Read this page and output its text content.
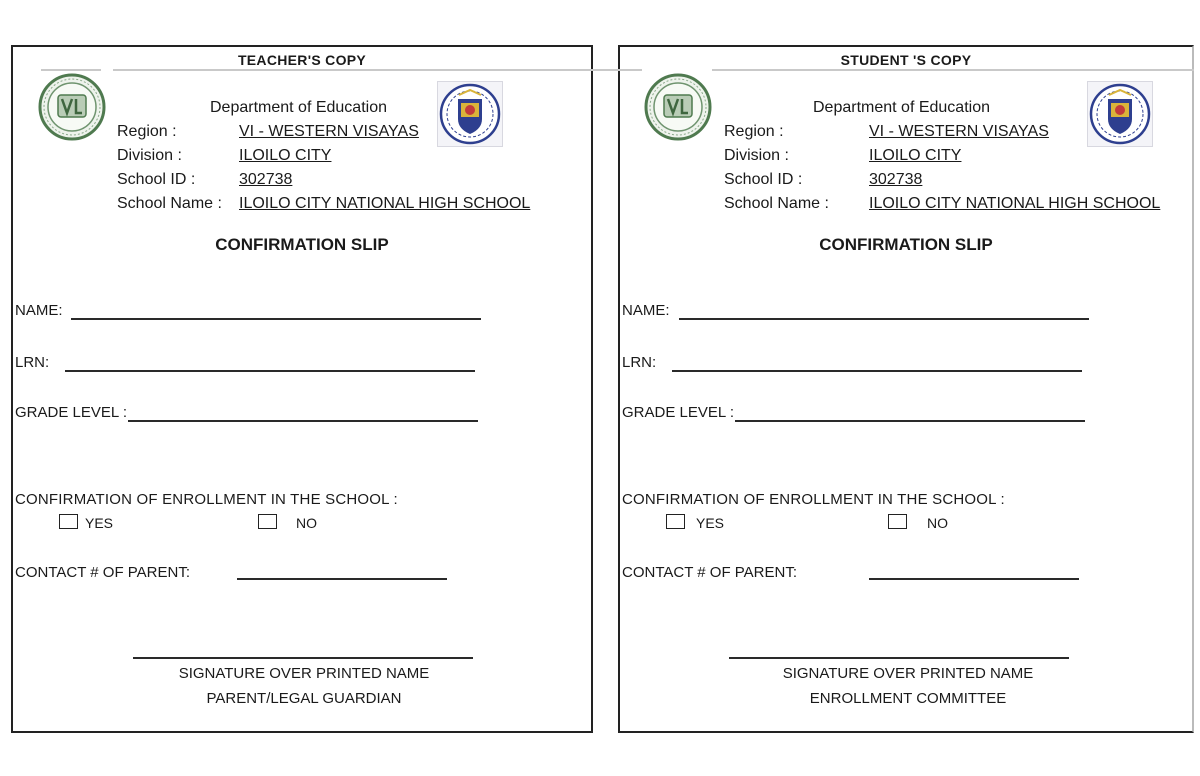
TEACHER'S COPY
Department of Education
Region :	VI - WESTERN VISAYAS
Division :	ILOILO CITY
School ID :	302738
School Name : ILOILO CITY NATIONAL HIGH SCHOOL
CONFIRMATION SLIP
NAME:
LRN:
GRADE LEVEL :
CONFIRMATION OF ENROLLMENT IN THE SCHOOL :
YES	NO
CONTACT # OF PARENT:
SIGNATURE OVER PRINTED NAME
PARENT/LEGAL GUARDIAN
STUDENT 'S COPY
Department of Education
Region :	VI - WESTERN VISAYAS
Division :	ILOILO CITY
School ID :	302738
School Name :	ILOILO CITY NATIONAL HIGH SCHOOL
CONFIRMATION SLIP
NAME:
LRN:
GRADE LEVEL :
CONFIRMATION OF ENROLLMENT IN THE SCHOOL :
YES	NO
CONTACT # OF PARENT:
SIGNATURE OVER PRINTED NAME
ENROLLMENT COMMITTEE
